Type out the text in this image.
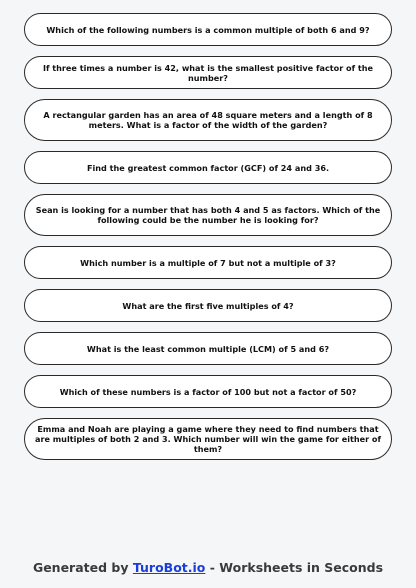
Which of the following numbers is a common multiple of both 6 and 9?
If three times a number is 42, what is the smallest positive factor of the number?
A rectangular garden has an area of 48 square meters and a length of 8 meters. What is a factor of the width of the garden?
Find the greatest common factor (GCF) of 24 and 36.
Sean is looking for a number that has both 4 and 5 as factors. Which of the following could be the number he is looking for?
Which number is a multiple of 7 but not a multiple of 3?
What are the first five multiples of 4?
What is the least common multiple (LCM) of 5 and 6?
Which of these numbers is a factor of 100 but not a factor of 50?
Emma and Noah are playing a game where they need to find numbers that are multiples of both 2 and 3. Which number will win the game for either of them?
Generated by TuroBot.io - Worksheets in Seconds
